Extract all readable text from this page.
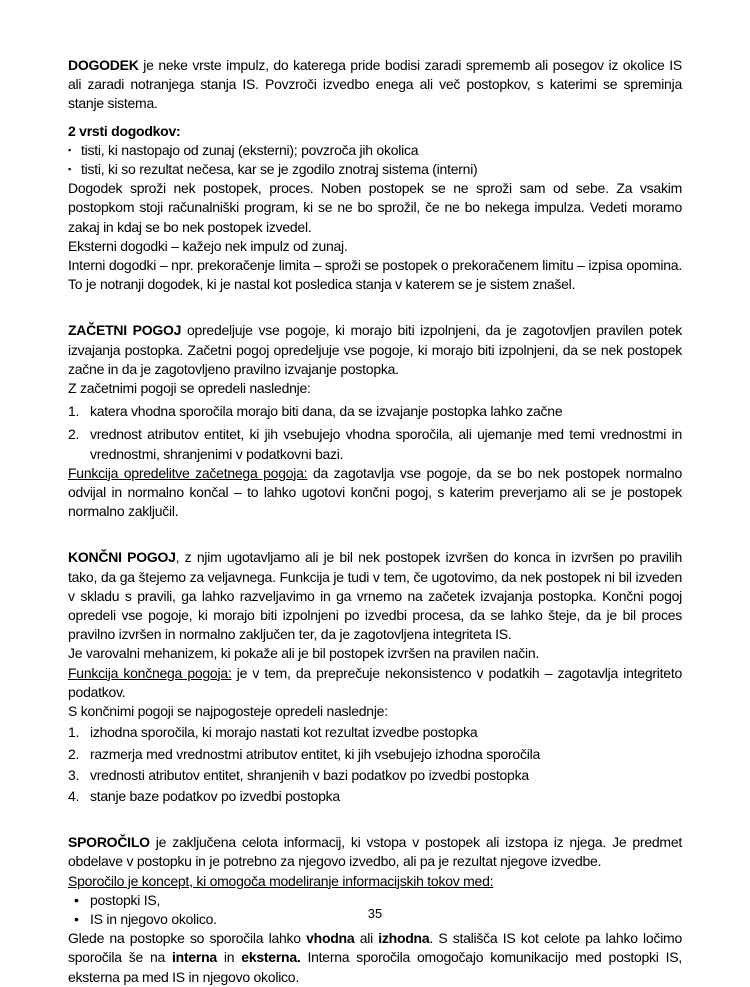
DOGODEK je neke vrste impulz, do katerega pride bodisi zaradi sprememb ali posegov iz okolice IS ali zaradi notranjega stanja IS. Povzroči izvedbo enega ali več postopkov, s katerimi se spreminja stanje sistema.

2 vrsti dogodkov:

▪ tisti, ki nastopajo od zunaj (eksterni); povzroča jih okolica
▪ tisti, ki so rezultat nečesa, kar se je zgodilo znotraj sistema (interni)

Dogodek sproži nek postopek, proces. Noben postopek se ne sproži sam od sebe. Za vsakim postopkom stoji računalniški program, ki se ne bo sprožil, če ne bo nekega impulza. Vedeti moramo zakaj in kdaj se bo nek postopek izvedel.

Eksterni dogodki – kažejo nek impulz od zunaj.

Interni dogodki – npr. prekoračenje limita – sproži se postopek o prekoračenem limitu – izpisa opomina. To je notranji dogodek, ki je nastal kot posledica stanja v katerem se je sistem znašel.

ZAČETNI POGOJ opredeljuje vse pogoje, ki morajo biti izpolnjeni, da je zagotovljen pravilen potek izvajanja postopka. Začetni pogoj opredeljuje vse pogoje, ki morajo biti izpolnjeni, da se nek postopek začne in da je zagotovljeno pravilno izvajanje postopka.

Z začetnimi pogoji se opredeli naslednje:

1. katera vhodna sporočila morajo biti dana, da se izvajanje postopka lahko začne
2. vrednost atributov entitet, ki jih vsebujejo vhodna sporočila, ali ujemanje med temi vrednostmi in vrednostmi, shranjenimi v podatkovni bazi.

Funkcija opredelitve začetnega pogoja: da zagotavlja vse pogoje, da se bo nek postopek normalno odvijal in normalno končal – to lahko ugotovi končni pogoj, s katerim preverjamo ali se je postopek normalno zaključil.

KONČNI POGOJ, z njim ugotavljamo ali je bil nek postopek izvršen do konca in izvršen po pravilih tako, da ga štejemo za veljavnega. Funkcija je tudi v tem, če ugotovimo, da nek postopek ni bil izveden v skladu s pravili, ga lahko razveljavimo in ga vrnemo na začetek izvajanja postopka. Končni pogoj opredeli vse pogoje, ki morajo biti izpolnjeni po izvedbi procesa, da se lahko šteje, da je bil proces pravilno izvršen in normalno zaključen ter, da je zagotovljena integriteta IS.

Je varovalni mehanizem, ki pokaže ali je bil postopek izvršen na pravilen način.

Funkcija končnega pogoja: je v tem, da preprečuje nekonsistenco v podatkih – zagotavlja integriteto podatkov.

S končnimi pogoji se najpogosteje opredeli naslednje:

1. izhodna sporočila, ki morajo nastati kot rezultat izvedbe postopka
2. razmerja med vrednostmi atributov entitet, ki jih vsebujejo izhodna sporočila
3. vrednosti atributov entitet, shranjenih v bazi podatkov po izvedbi postopka
4. stanje baze podatkov po izvedbi postopka

SPOROČILO je zaključena celota informacij, ki vstopa v postopek ali izstopa iz njega. Je predmet obdelave v postopku in je potrebno za njegovo izvedbo, ali pa je rezultat njegove izvedbe.

Sporočilo je koncept, ki omogoča modeliranje informacijskih tokov med:

• postopki IS,
• IS in njegovo okolico.

Glede na postopke so sporočila lahko vhodna ali izhodna. S stališča IS kot celote pa lahko ločimo sporočila še na interna in eksterna. Interna sporočila omogočajo komunikacijo med postopki IS, eksterna pa med IS in njegovo okolico.

35
